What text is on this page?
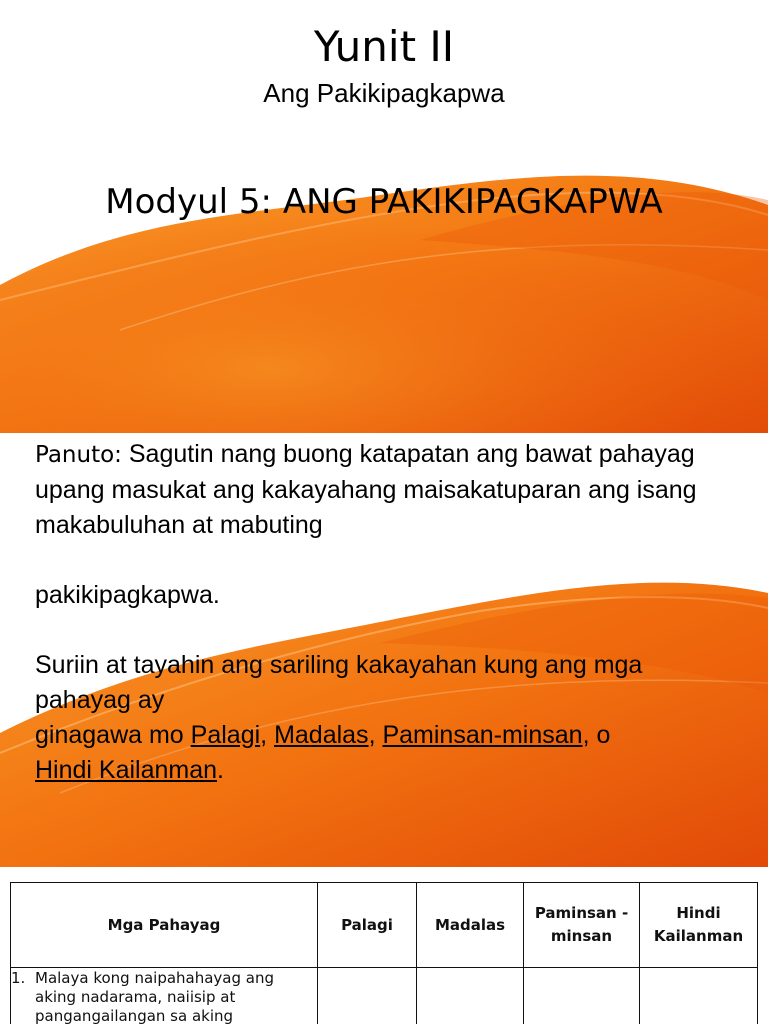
Yunit II
Ang Pakikipagkapwa
Modyul 5: ANG PAKIKIPAGKAPWA

Panuto: Sagutin nang buong katapatan ang bawat pahayag upang masukat ang kakayahang maisakatuparan ang isang makabuluhan at mabuting

pakikipagkapwa.

Suriin at tayahin ang sariling kakayahan kung ang mga pahayag ay

ginagawa mo Palagi, Madalas, Paminsan-minsan, o
Hindi Kailanman.

Mga Pahayag	Palagi	Madalas	Paminsan -minsan	Hindi Kailanman

1. Malaya kong naipahahayag ang aking nadarama, naiisip at pangangailangan sa aking				
